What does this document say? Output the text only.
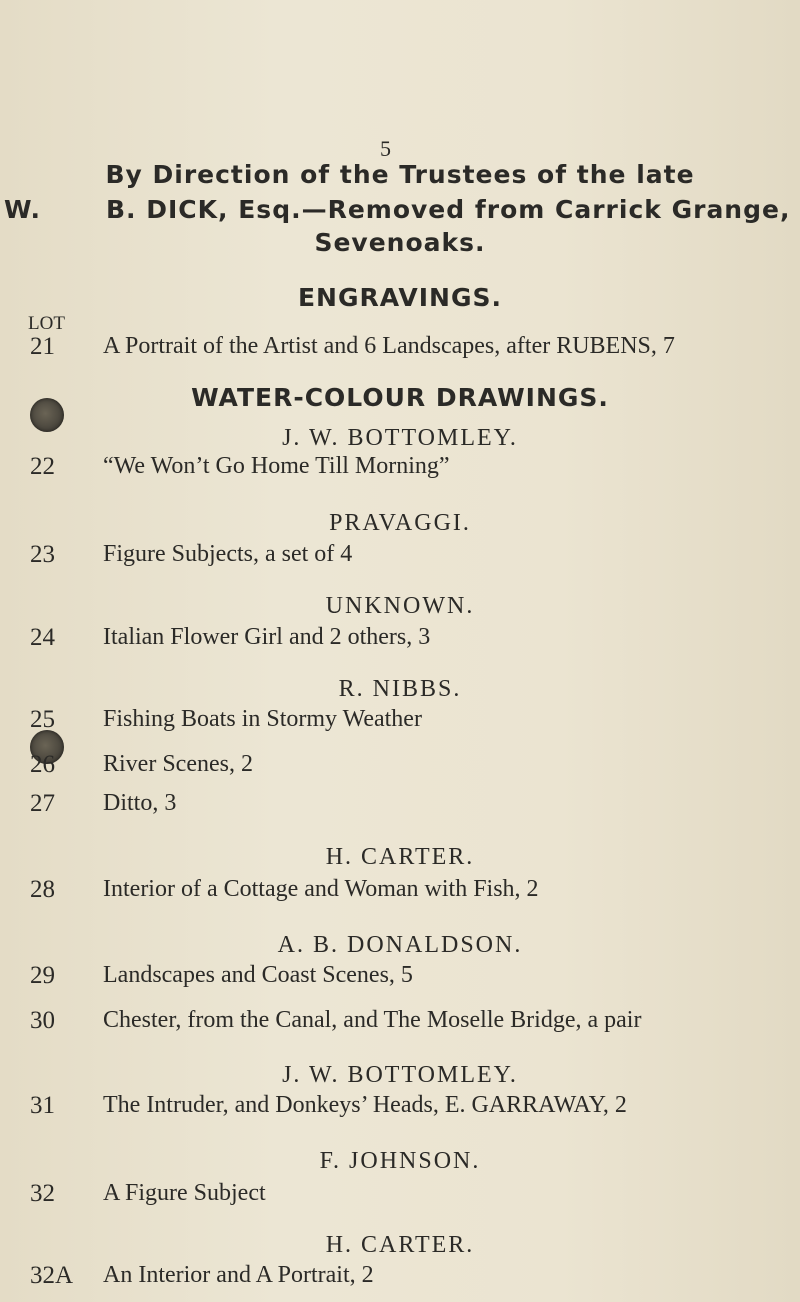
5
By Direction of the Trustees of the late
W.	B. DICK, Esq.—Removed from Carrick Grange,
Sevenoaks.
ENGRAVINGS.
LOT
21 A Portrait of the Artist and 6 Landscapes, after RUBENS, 7
WATER-COLOUR DRAWINGS.
J. W. BOTTOMLEY.
22 “We Won’t Go Home Till Morning”
PRAVAGGI.
23 Figure Subjects, a set of 4
UNKNOWN.
24 Italian Flower Girl and 2 others, 3
R. NIBBS.
25 Fishing Boats in Stormy Weather
26 River Scenes, 2
27 Ditto, 3
H. CARTER.
28 Interior of a Cottage and Woman with Fish, 2
A. B. DONALDSON.
29 Landscapes and Coast Scenes, 5
30 Chester, from the Canal, and The Moselle Bridge, a pair
J. W. BOTTOMLEY.
31 The Intruder, and Donkeys’ Heads, E. GARRAWAY, 2
F. JOHNSON.
32 A Figure Subject
H. CARTER.
32A An Interior and A Portrait, 2
